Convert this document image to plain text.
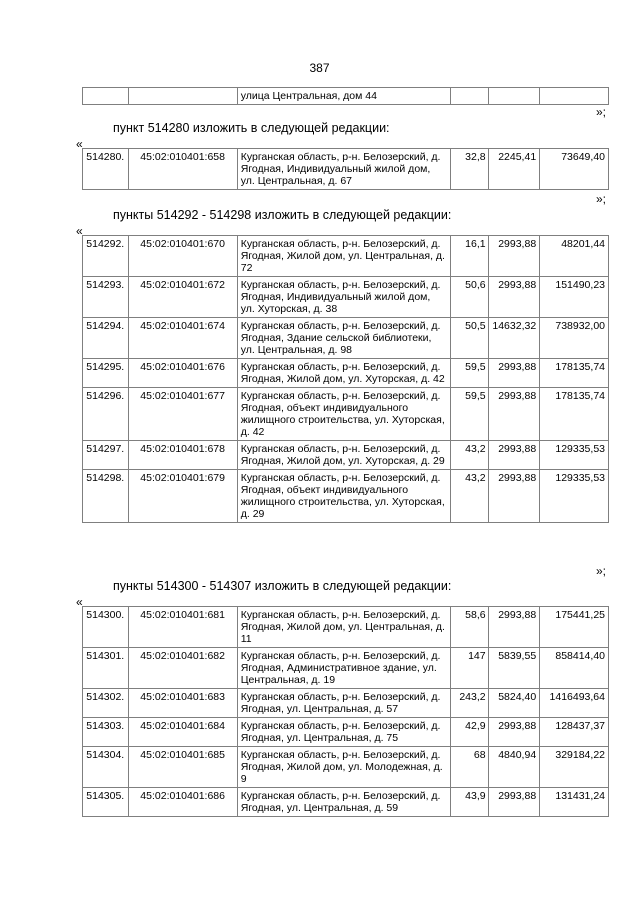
387
		улица Центральная, дом 44			
пункт 514280 изложить в следующей редакции:
»;
«
514280.	45:02:010401:658	Курганская область, р-н. Белозерский, д. Ягодная, Индивидуальный жилой дом, ул. Центральная, д. 67	32,8	2245,41	73649,40
»;
пункты 514292 - 514298 изложить в следующей редакции:
«
514292.	45:02:010401:670	Курганская область, р-н. Белозерский, д. Ягодная, Жилой дом, ул. Центральная, д. 72	16,1	2993,88	48201,44
514293.	45:02:010401:672	Курганская область, р-н. Белозерский, д. Ягодная, Индивидуальный жилой дом, ул. Хуторская, д. 38	50,6	2993,88	151490,23
514294.	45:02:010401:674	Курганская область, р-н. Белозерский, д. Ягодная, Здание сельской библиотеки, ул. Центральная, д. 98	50,5	14632,32	738932,00
514295.	45:02:010401:676	Курганская область, р-н. Белозерский, д. Ягодная, Жилой дом, ул. Хуторская, д. 42	59,5	2993,88	178135,74
514296.	45:02:010401:677	Курганская область, р-н. Белозерский, д. Ягодная, объект индивидуального жилищного строительства, ул. Хуторская, д. 42	59,5	2993,88	178135,74
514297.	45:02:010401:678	Курганская область, р-н. Белозерский, д. Ягодная, Жилой дом, ул. Хуторская, д. 29	43,2	2993,88	129335,53
514298.	45:02:010401:679	Курганская область, р-н. Белозерский, д. Ягодная, объект индивидуального жилищного строительства, ул. Хуторская, д. 29	43,2	2993,88	129335,53
»;
пункты 514300 - 514307 изложить в следующей редакции:
«
514300.	45:02:010401:681	Курганская область, р-н. Белозерский, д. Ягодная, Жилой дом, ул. Центральная, д. 11	58,6	2993,88	175441,25
514301.	45:02:010401:682	Курганская область, р-н. Белозерский, д. Ягодная, Административное здание, ул. Центральная, д. 19	147	5839,55	858414,40
514302.	45:02:010401:683	Курганская область, р-н. Белозерский, д. Ягодная, ул. Центральная, д. 57	243,2	5824,40	1416493,64
514303.	45:02:010401:684	Курганская область, р-н. Белозерский, д. Ягодная, ул. Центральная, д. 75	42,9	2993,88	128437,37
514304.	45:02:010401:685	Курганская область, р-н. Белозерский, д. Ягодная, Жилой дом, ул. Молодежная, д. 9	68	4840,94	329184,22
514305.	45:02:010401:686	Курганская область, р-н. Белозерский, д. Ягодная, ул. Центральная, д. 59	43,9	2993,88	131431,24
